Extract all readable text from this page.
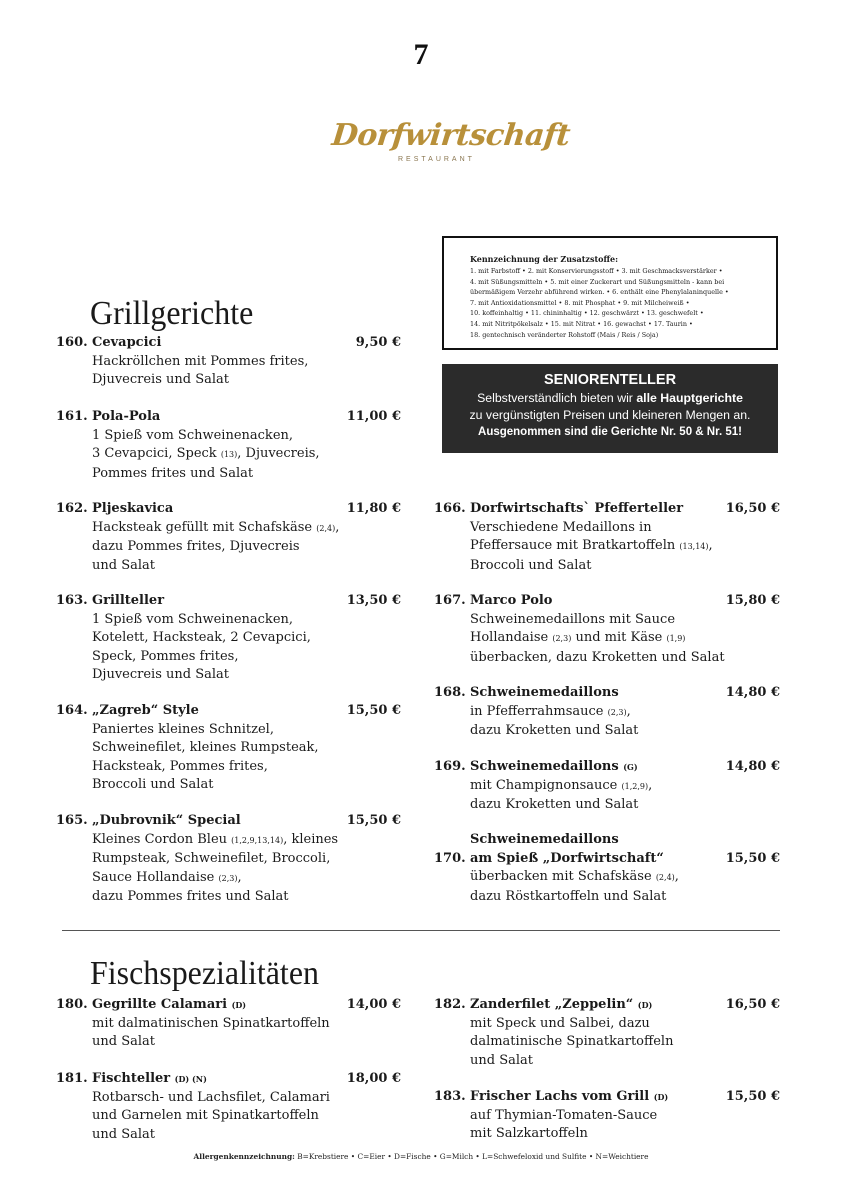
7
Dorfwirtschaft
RESTAURANT
Kennzeichnung der Zusatzstoffe:
1. mit Farbstoff • 2. mit Konservierungsstoff • 3. mit Geschmacksverstärker •
4. mit Süßungsmitteln • 5. mit einer Zuckerart und Süßungsmitteln - kann bei
übermäßigem Verzehr abführend wirken. • 6. enthält eine Phenylalaninquelle •
7. mit Antioxidationsmittel • 8. mit Phosphat • 9. mit Milcheiweiß •
10. koffeinhaltig • 11. chininhaltig • 12. geschwärzt • 13. geschwefelt •
14. mit Nitritpökelsalz • 15. mit Nitrat • 16. gewachst • 17. Taurin •
18. gentechnisch veränderter Rohstoff (Mais / Reis / Soja)
SENIORENTELLER
Selbstverständlich bieten wir alle Hauptgerichte
zu vergünstigten Preisen und kleineren Mengen an.
Ausgenommen sind die Gerichte Nr. 50 & Nr. 51!
Grillgerichte
160. Cevapcici	9,50 €
Hackröllchen mit Pommes frites,
Djuvecreis und Salat
161. Pola-Pola	11,00 €
1 Spieß vom Schweinenacken,
3 Cevapcici, Speck (13), Djuvecreis,
Pommes frites und Salat
162. Pljeskavica	11,80 €
Hacksteak gefüllt mit Schafskäse (2,4),
dazu Pommes frites, Djuvecreis
und Salat
163. Grillteller	13,50 €
1 Spieß vom Schweinenacken,
Kotelett, Hacksteak, 2 Cevapcici,
Speck, Pommes frites,
Djuvecreis und Salat
164. „Zagreb“ Style	15,50 €
Paniertes kleines Schnitzel,
Schweinefilet, kleines Rumpsteak,
Hacksteak, Pommes frites,
Broccoli und Salat
165. „Dubrovnik“ Special	15,50 €
Kleines Cordon Bleu (1,2,9,13,14), kleines
Rumpsteak, Schweinefilet, Broccoli,
Sauce Hollandaise (2,3),
dazu Pommes frites und Salat
166. Dorfwirtschafts` Pfefferteller	16,50 €
Verschiedene Medaillons in
Pfeffersauce mit Bratkartoffeln (13,14),
Broccoli und Salat
167. Marco Polo	15,80 €
Schweinemedaillons mit Sauce
Hollandaise (2,3) und mit Käse (1,9)
überbacken, dazu Kroketten und Salat
168. Schweinemedaillons	14,80 €
in Pfefferrahmsauce (2,3),
dazu Kroketten und Salat
169. Schweinemedaillons (G)	14,80 €
mit Champignonsauce (1,2,9),
dazu Kroketten und Salat
Schweinemedaillons
170. am Spieß „Dorfwirtschaft“	15,50 €
überbacken mit Schafskäse (2,4),
dazu Röstkartoffeln und Salat
Fischspezialitäten
180. Gegrillte Calamari (D)	14,00 €
mit dalmatinischen Spinatkartoffeln
und Salat
181. Fischteller (D) (N)	18,00 €
Rotbarsch- und Lachsfilet, Calamari
und Garnelen mit Spinatkartoffeln
und Salat
182. Zanderfilet „Zeppelin“ (D)	16,50 €
mit Speck und Salbei, dazu
dalmatinische Spinatkartoffeln
und Salat
183. Frischer Lachs vom Grill (D)	15,50 €
auf Thymian-Tomaten-Sauce
mit Salzkartoffeln
Allergenkennzeichnung: B=Krebstiere • C=Eier • D=Fische • G=Milch • L=Schwefeloxid und Sulfite • N=Weichtiere
